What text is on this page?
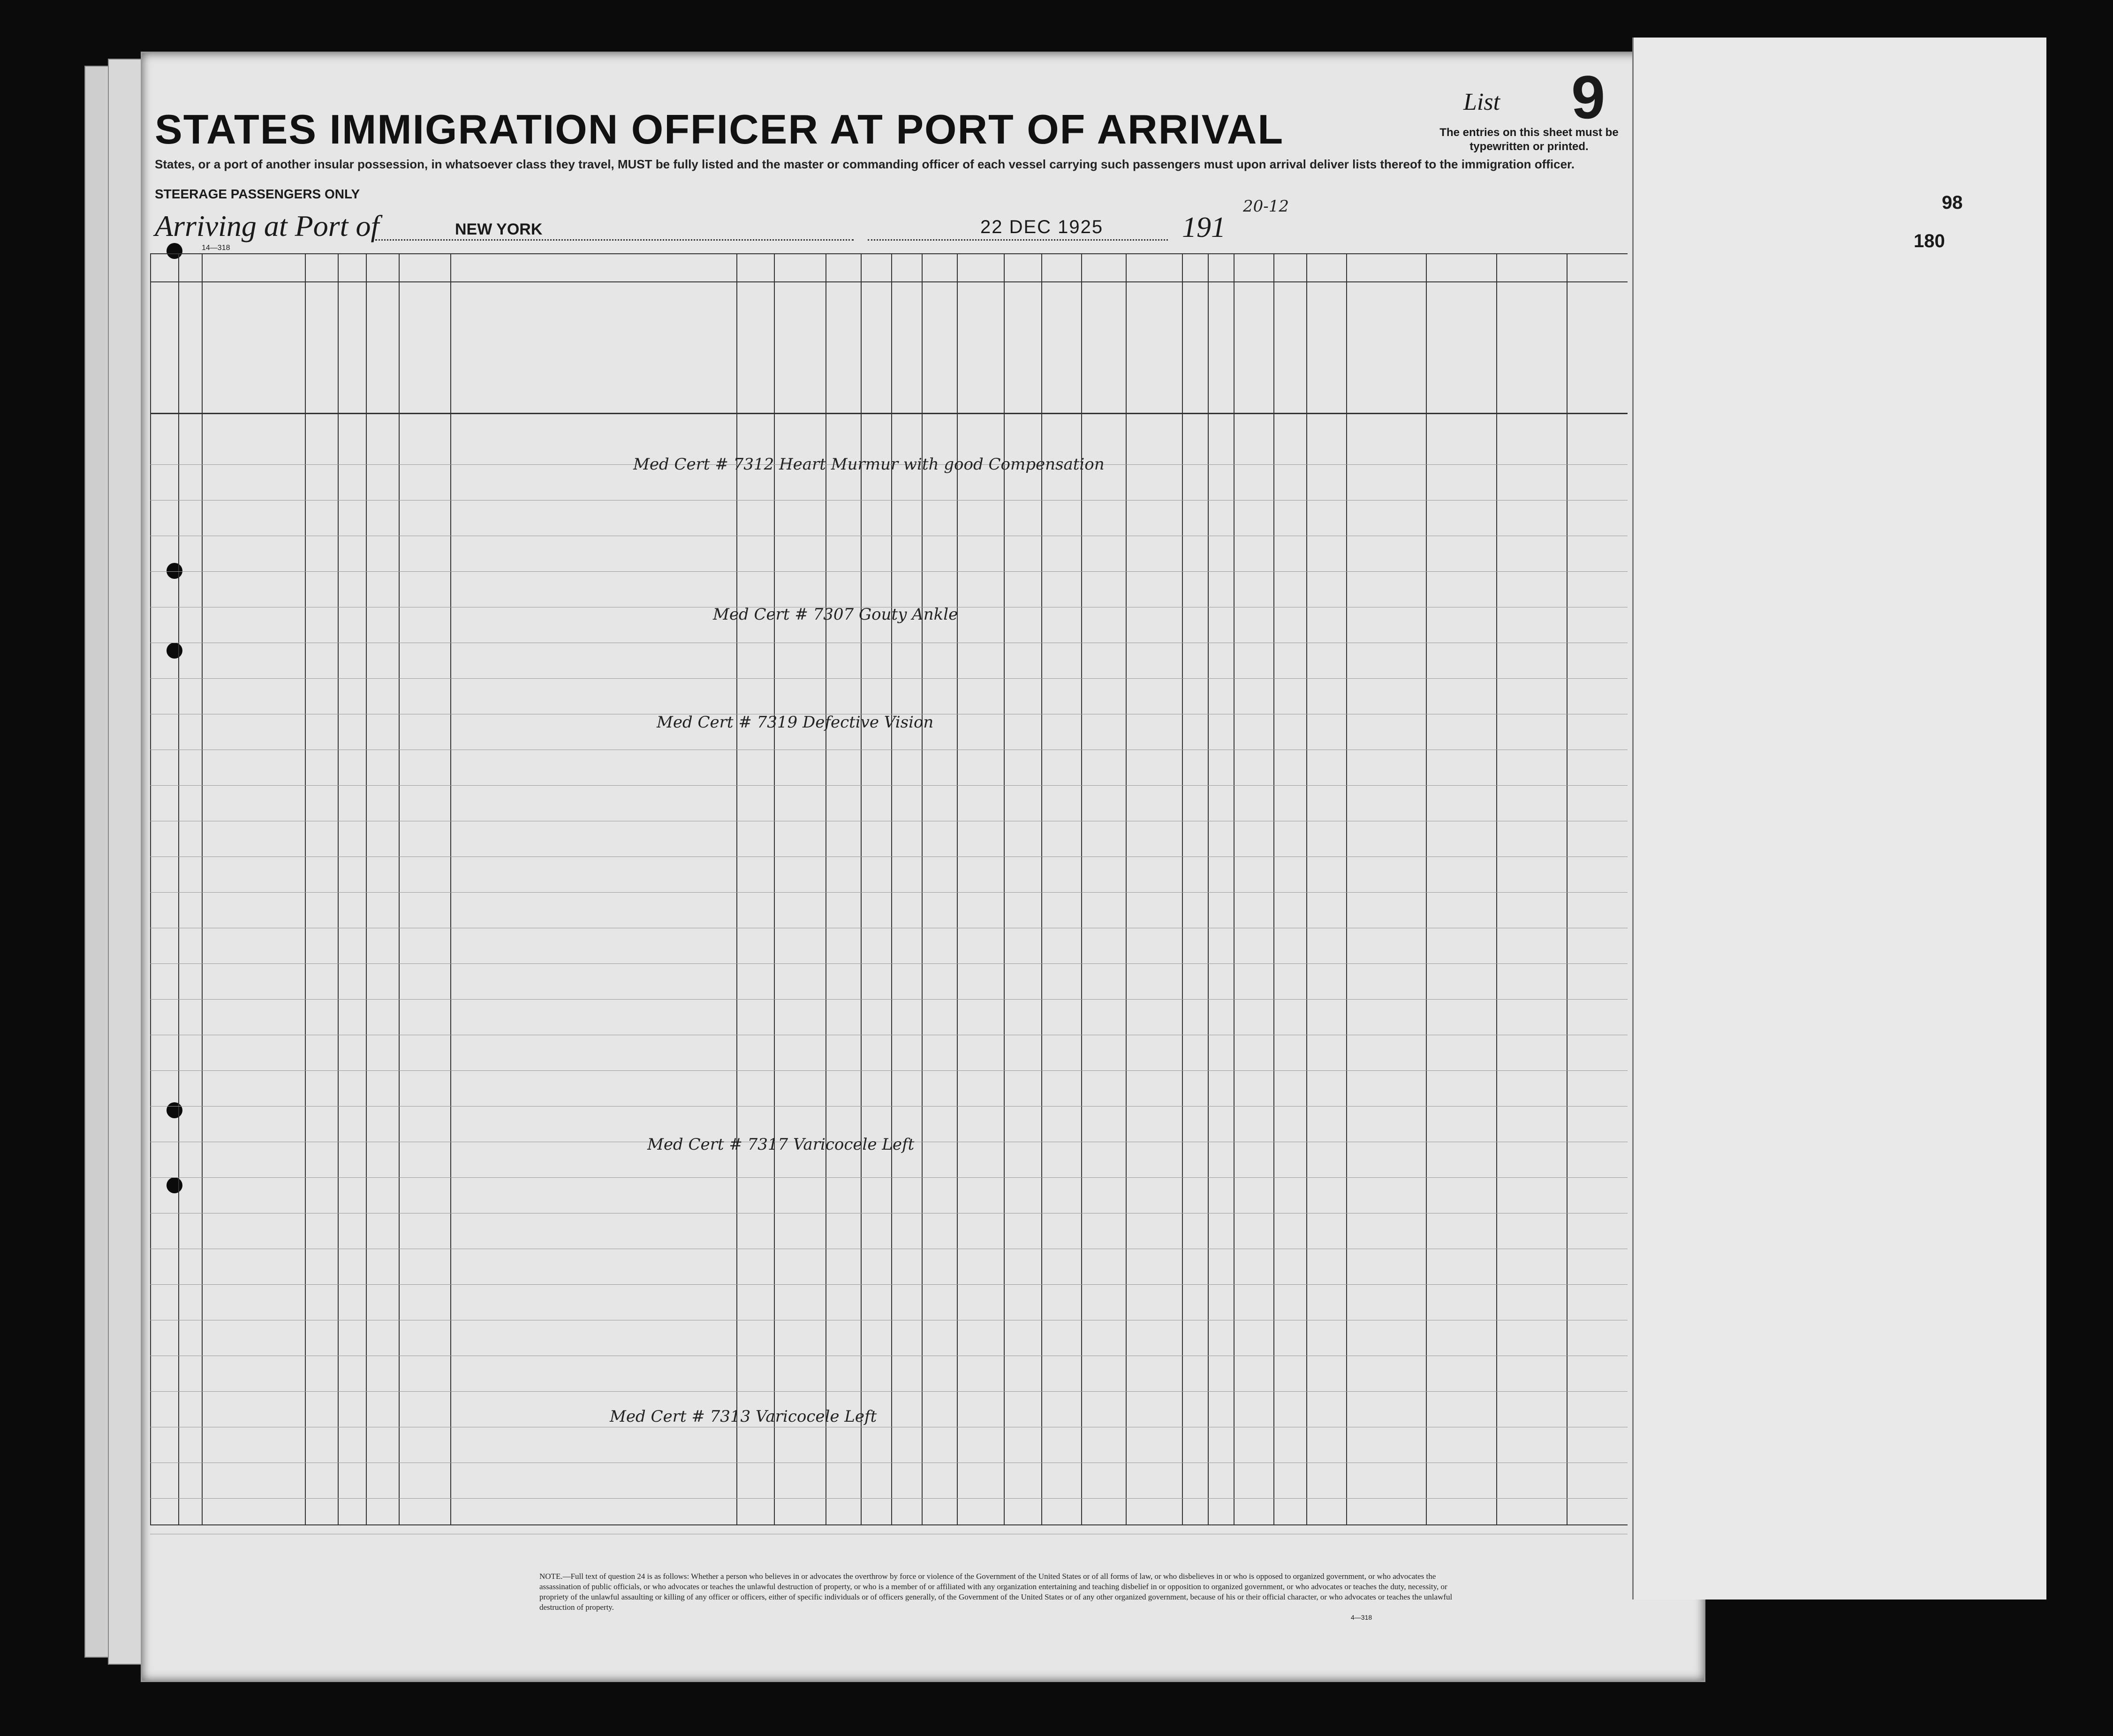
98
180
STATES IMMIGRATION OFFICER AT PORT OF ARRIVAL
List 9
The entries on this sheet must be typewritten or printed.
States, or a port of another insular possession, in whatsoever class they travel, MUST be fully listed and the master or commanding officer of each vessel carrying such passengers must upon arrival deliver lists thereof to the immigration officer.
STEERAGE PASSENGERS ONLY
Arriving at Port of	NEW YORK	22 DEC 1925	191
14—318
NOTE.—Full text of question 24 is as follows: Whether a person who believes in or advocates the overthrow by force or violence of the Government of the United States or of all forms of law, or who disbelieves in or who is opposed to organized government, or who advocates the assassination of public officials, or who advocates or teaches the unlawful destruction of property, or who is a member of or affiliated with any organization entertaining and teaching disbelief in or opposition to organized government, or who advocates or teaches the duty, necessity, or propriety of the unlawful assaulting or killing of any officer or officers, either of specific individuals or of officers generally, of the Government of the United States or of any other organized government, because of his or their official character, or who advocates or teaches the unlawful destruction of property.
4—318
Med Cert # 7312 Heart Murmur with good Compensation
Med Cert # 7307 Gouty Ankle
Med Cert # 7319 Defective Vision
Med Cert # 7317 Varicocele Left
Med Cert # 7313 Varicocele Left
20-12
